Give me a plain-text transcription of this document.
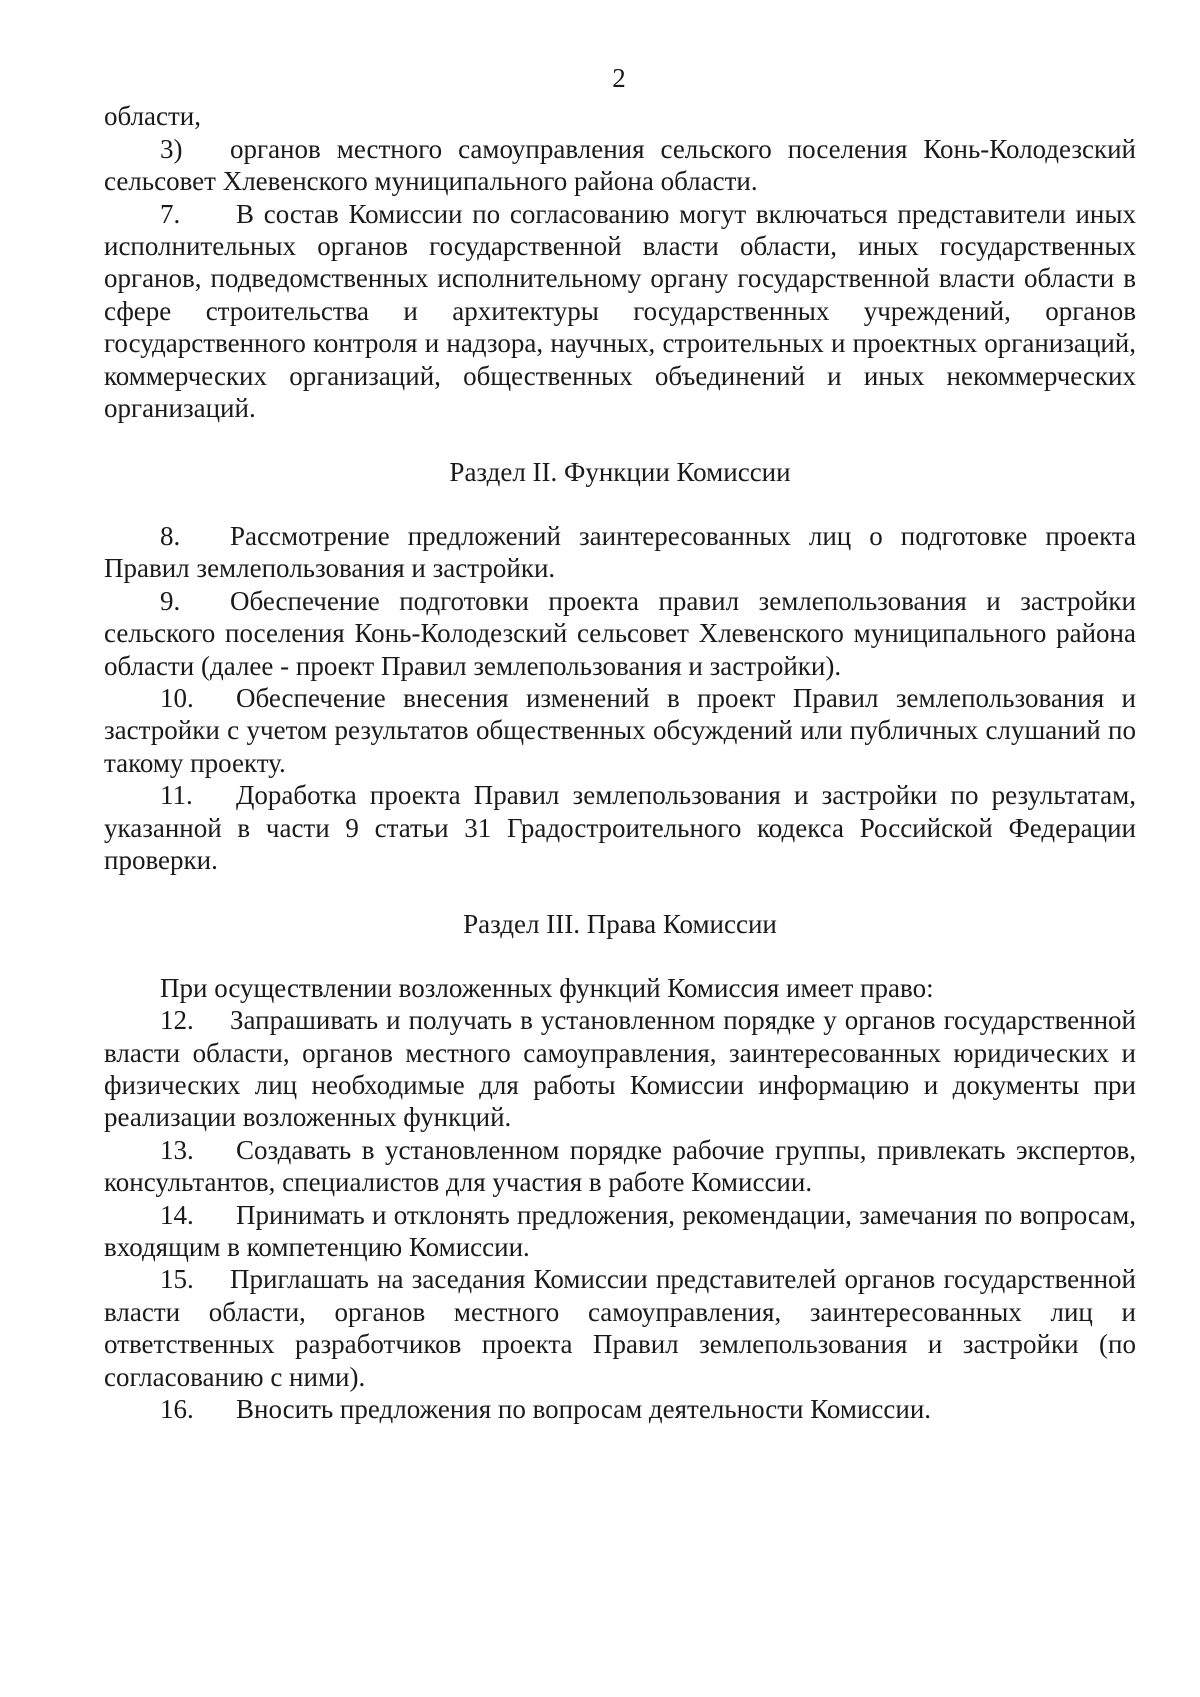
2
области,
3) органов местного самоуправления сельского поселения Конь-Колодезский сельсовет Хлевенского муниципального района области.
7. В состав Комиссии по согласованию могут включаться представители иных исполнительных органов государственной власти области, иных государственных органов, подведомственных исполнительному органу государственной власти области в сфере строительства и архитектуры государственных учреждений, органов государственного контроля и надзора, научных, строительных и проектных организаций, коммерческих организаций, общественных объединений и иных некоммерческих организаций.
Раздел II. Функции Комиссии
8. Рассмотрение предложений заинтересованных лиц о подготовке проекта Правил землепользования и застройки.
9. Обеспечение подготовки проекта правил землепользования и застройки сельского поселения Конь-Колодезский сельсовет Хлевенского муниципального района области (далее - проект Правил землепользования и застройки).
10. Обеспечение внесения изменений в проект Правил землепользования и застройки с учетом результатов общественных обсуждений или публичных слушаний по такому проекту.
11. Доработка проекта Правил землепользования и застройки по результатам, указанной в части 9 статьи 31 Градостроительного кодекса Российской Федерации проверки.
Раздел III. Права Комиссии
При осуществлении возложенных функций Комиссия имеет право:
12. Запрашивать и получать в установленном порядке у органов государственной власти области, органов местного самоуправления, заинтересованных юридических и физических лиц необходимые для работы Комиссии информацию и документы при реализации возложенных функций.
13. Создавать в установленном порядке рабочие группы, привлекать экспертов, консультантов, специалистов для участия в работе Комиссии.
14. Принимать и отклонять предложения, рекомендации, замечания по вопросам, входящим в компетенцию Комиссии.
15. Приглашать на заседания Комиссии представителей органов государственной власти области, органов местного самоуправления, заинтересованных лиц и ответственных разработчиков проекта Правил землепользования и застройки (по согласованию с ними).
16. Вносить предложения по вопросам деятельности Комиссии.
